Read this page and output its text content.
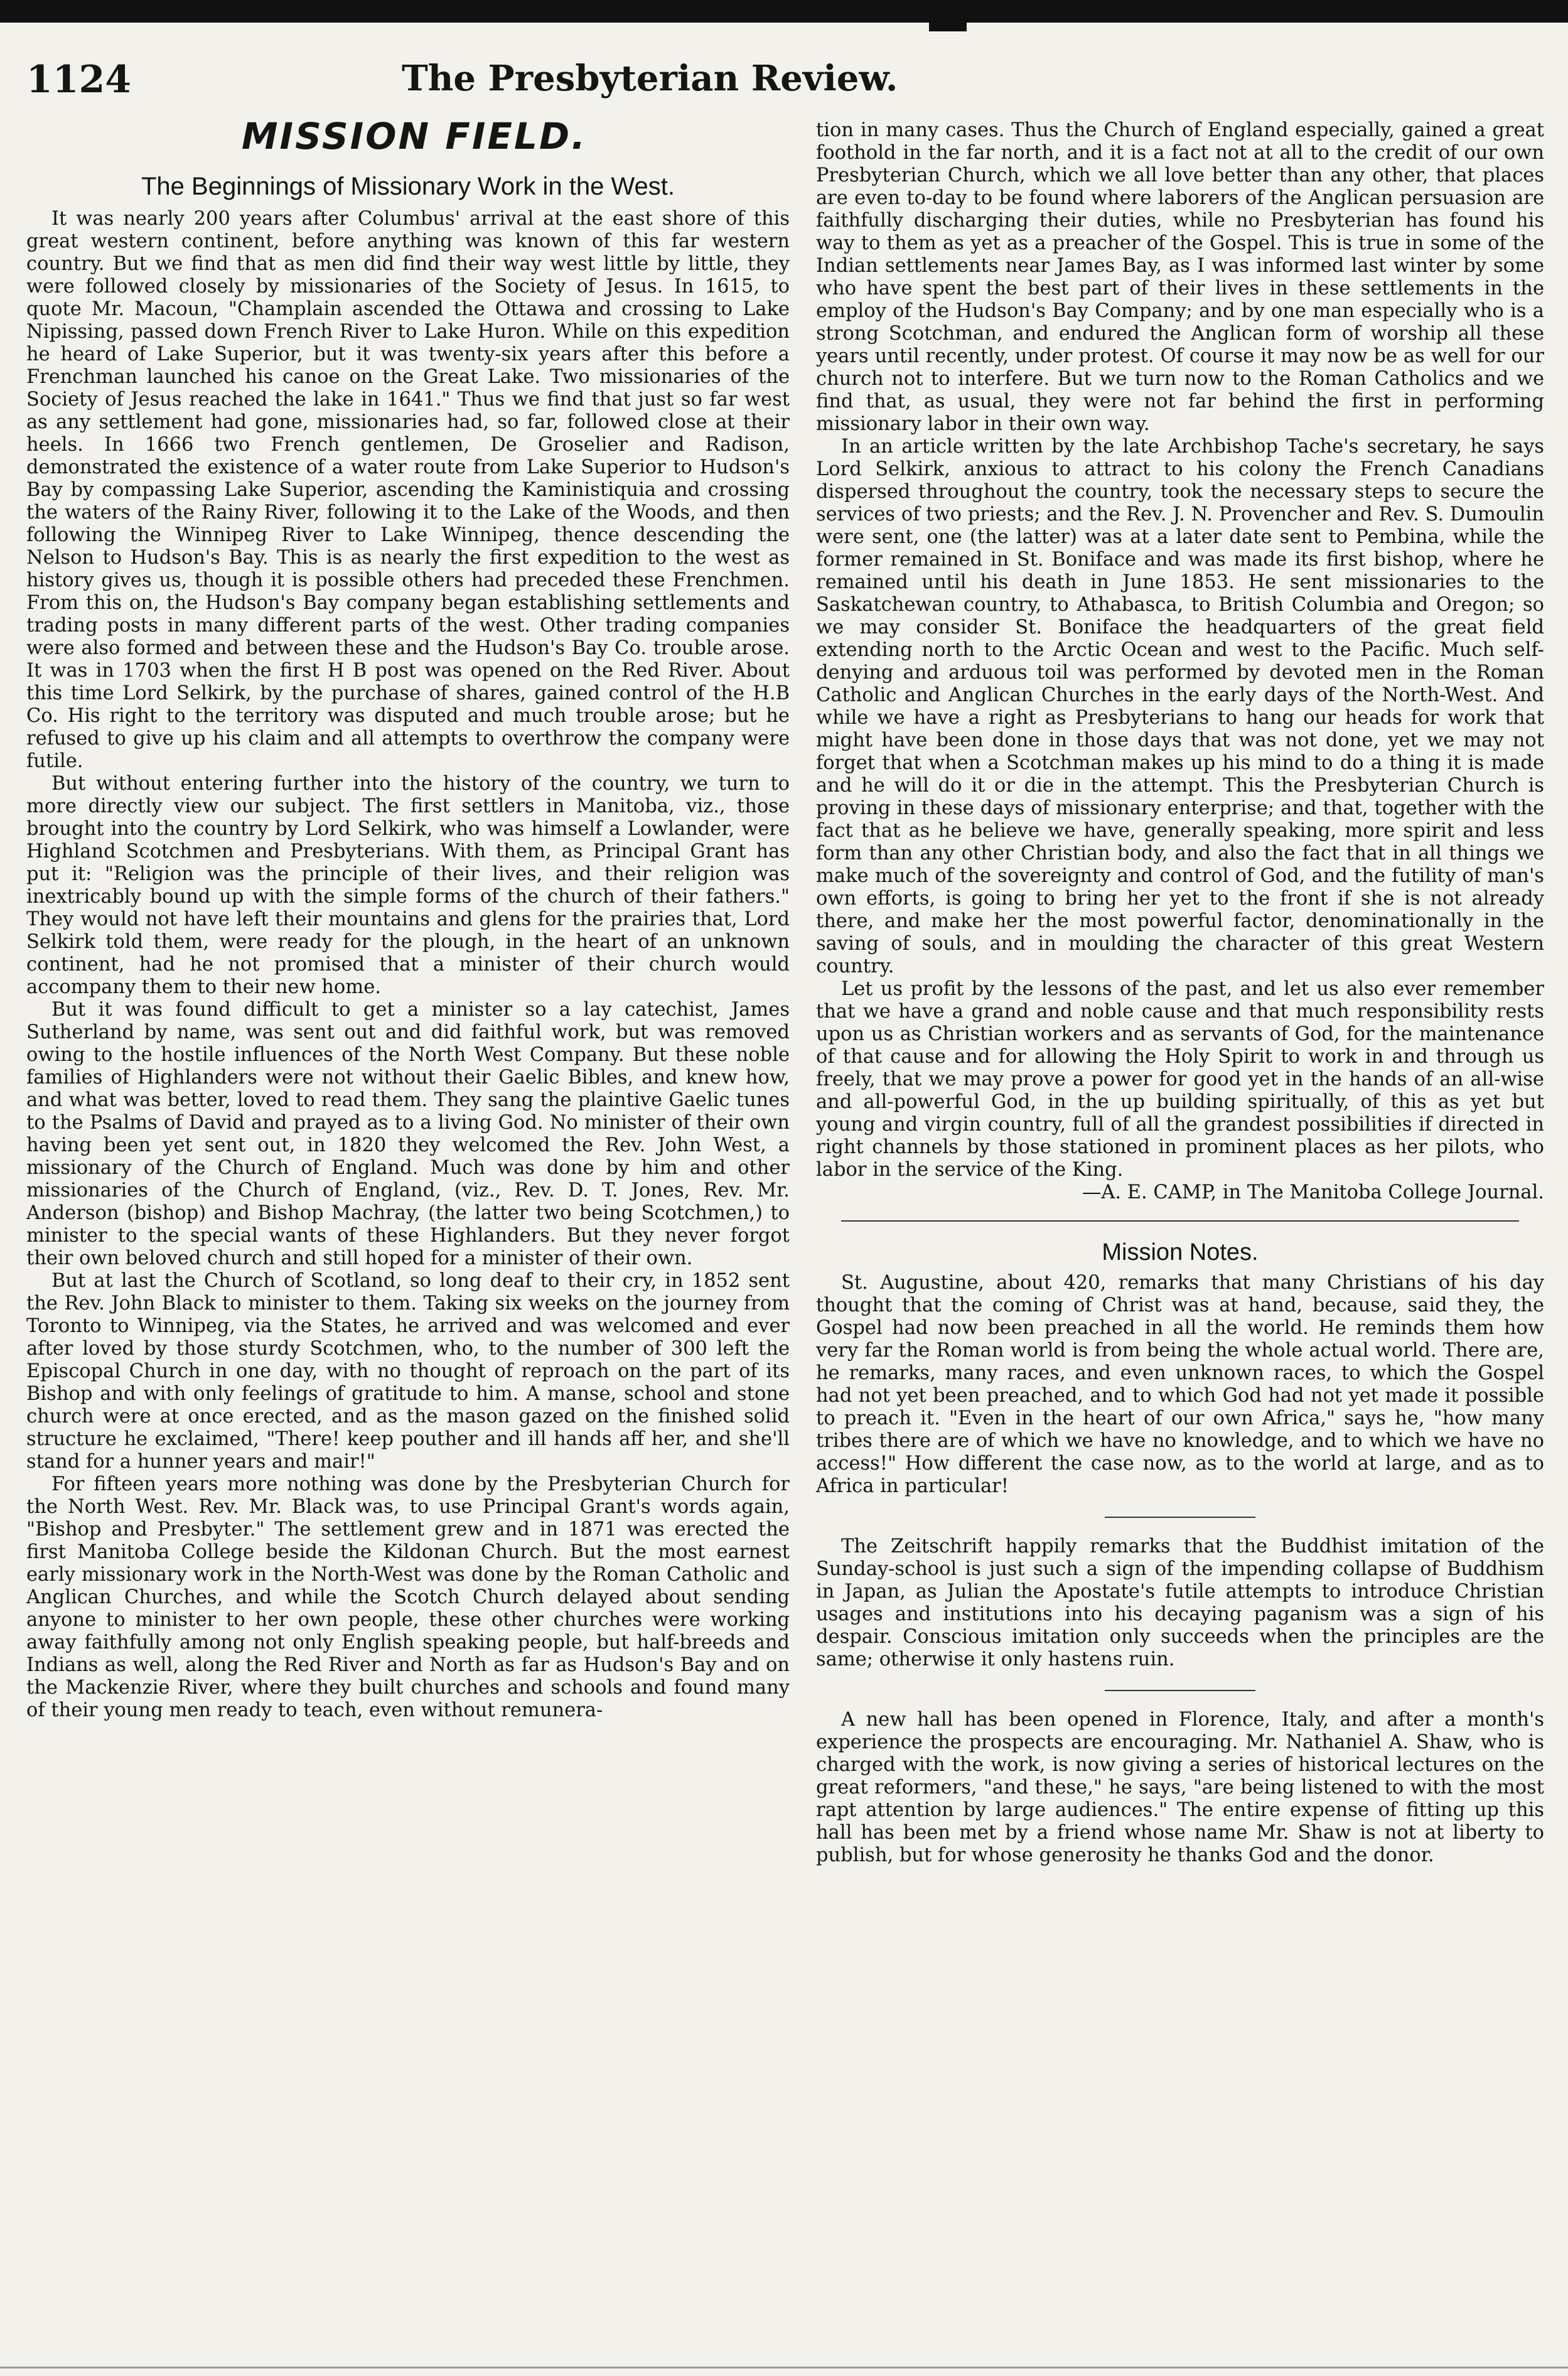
1124	The Presbyterian Review.
MISSION FIELD.
The Beginnings of Missionary Work in the West.

It was nearly 200 years after Columbus' arrival at the east shore of this great western continent, before anything was known of this far western country. But we find that as men did find their way west little by little, they were followed closely by missionaries of the Society of Jesus. In 1615, to quote Mr. Macoun, "Champlain ascended the Ottawa and crossing to Lake Nipissing, passed down French River to Lake Huron. While on this expedition he heard of Lake Superior, but it was twenty-six years after this before a Frenchman launched his canoe on the Great Lake. Two missionaries of the Society of Jesus reached the lake in 1641." Thus we find that just so far west as any settlement had gone, missionaries had, so far, followed close at their heels. In 1666 two French gentlemen, De Groselier and Radison, demonstrated the existence of a water route from Lake Superior to Hudson's Bay by compassing Lake Superior, ascending the Kaministiquia and crossing the waters of the Rainy River, following it to the Lake of the Woods, and then following the Winnipeg River to Lake Winnipeg, thence descending the Nelson to Hudson's Bay. This is as nearly the first expedition to the west as history gives us, though it is possible others had preceded these Frenchmen. From this on, the Hudson's Bay company began establishing settlements and trading posts in many different parts of the west. Other trading companies were also formed and between these and the Hudson's Bay Co. trouble arose. It was in 1703 when the first H B post was opened on the Red River. About this time Lord Selkirk, by the purchase of shares, gained control of the H.B Co. His right to the territory was disputed and much trouble arose; but he refused to give up his claim and all attempts to overthrow the company were futile.

But without entering further into the history of the country, we turn to more directly view our subject. The first settlers in Manitoba, viz., those brought into the country by Lord Selkirk, who was himself a Lowlander, were Highland Scotchmen and Presbyterians. With them, as Principal Grant has put it: "Religion was the principle of their lives, and their religion was inextricably bound up with the simple forms of the church of their fathers." They would not have left their mountains and glens for the prairies that, Lord Selkirk told them, were ready for the plough, in the heart of an unknown continent, had he not promised that a minister of their church would accompany them to their new home.

But it was found difficult to get a minister so a lay catechist, James Sutherland by name, was sent out and did faithful work, but was removed owing to the hostile influences of the North West Company. But these noble families of Highlanders were not without their Gaelic Bibles, and knew how, and what was better, loved to read them. They sang the plaintive Gaelic tunes to the Psalms of David and prayed as to a living God. No minister of their own having been yet sent out, in 1820 they welcomed the Rev. John West, a missionary of the Church of England. Much was done by him and other missionaries of the Church of England, (viz., Rev. D. T. Jones, Rev. Mr. Anderson (bishop) and Bishop Machray, (the latter two being Scotchmen,) to minister to the special wants of these Highlanders. But they never forgot their own beloved church and still hoped for a minister of their own.

But at last the Church of Scotland, so long deaf to their cry, in 1852 sent the Rev. John Black to minister to them. Taking six weeks on the journey from Toronto to Winnipeg, via the States, he arrived and was welcomed and ever after loved by those sturdy Scotchmen, who, to the number of 300 left the Episcopal Church in one day, with no thought of reproach on the part of its Bishop and with only feelings of gratitude to him. A manse, school and stone church were at once erected, and as the mason gazed on the finished solid structure he exclaimed, "There! keep pouther and ill hands aff her, and she'll stand for a hunner years and mair!"

For fifteen years more nothing was done by the Presbyterian Church for the North West. Rev. Mr. Black was, to use Principal Grant's words again, "Bishop and Presbyter." The settlement grew and in 1871 was erected the first Manitoba College beside the Kildonan Church. But the most earnest early missionary work in the North-West was done by the Roman Catholic and Anglican Churches, and while the Scotch Church delayed about sending anyone to minister to her own people, these other churches were working away faithfully among not only English speaking people, but half-breeds and Indians as well, along the Red River and North as far as Hudson's Bay and on the Mackenzie River, where they built churches and schools and found many of their young men ready to teach, even without remunera-

tion in many cases. Thus the Church of England especially, gained a great foothold in the far north, and it is a fact not at all to the credit of our own Presbyterian Church, which we all love better than any other, that places are even to-day to be found where laborers of the Anglican persuasion are faithfully discharging their duties, while no Presbyterian has found his way to them as yet as a preacher of the Gospel. This is true in some of the Indian settlements near James Bay, as I was informed last winter by some who have spent the best part of their lives in these settlements in the employ of the Hudson's Bay Company; and by one man especially who is a strong Scotchman, and endured the Anglican form of worship all these years until recently, under protest. Of course it may now be as well for our church not to interfere. But we turn now to the Roman Catholics and we find that, as usual, they were not far behind the first in performing missionary labor in their own way.

In an article written by the late Archbishop Tache's secretary, he says Lord Selkirk, anxious to attract to his colony the French Canadians dispersed throughout the country, took the necessary steps to secure the services of two priests; and the Rev. J. N. Provencher and Rev. S. Dumoulin were sent, one (the latter) was at a later date sent to Pembina, while the former remained in St. Boniface and was made its first bishop, where he remained until his death in June 1853. He sent missionaries to the Saskatchewan country, to Athabasca, to British Columbia and Oregon; so we may consider St. Boniface the headquarters of the great field extending north to the Arctic Ocean and west to the Pacific. Much self-denying and arduous toil was performed by devoted men in the Roman Catholic and Anglican Churches in the early days of the North-West. And while we have a right as Presbyterians to hang our heads for work that might have been done in those days that was not done, yet we may not forget that when a Scotchman makes up his mind to do a thing it is made and he will do it or die in the attempt. This the Presbyterian Church is proving in these days of missionary enterprise; and that, together with the fact that as he believe we have, generally speaking, more spirit and less form than any other Christian body, and also the fact that in all things we make much of the sovereignty and control of God, and the futility of man's own efforts, is going to bring her yet to the front if she is not already there, and make her the most powerful factor, denominationally in the saving of souls, and in moulding the character of this great Western country.

Let us profit by the lessons of the past, and let us also ever remember that we have a grand and noble cause and that much responsibility rests upon us as Christian workers and as servants of God, for the maintenance of that cause and for allowing the Holy Spirit to work in and through us freely, that we may prove a power for good yet in the hands of an all-wise and all-powerful God, in the up building spiritually, of this as yet but young and virgin country, full of all the grandest possibilities if directed in right channels by those stationed in prominent places as her pilots, who labor in the service of the King.

—A. E. CAMP, in The Manitoba College Journal.

Mission Notes.

St. Augustine, about 420, remarks that many Christians of his day thought that the coming of Christ was at hand, because, said they, the Gospel had now been preached in all the world. He reminds them how very far the Roman world is from being the whole actual world. There are, he remarks, many races, and even unknown races, to which the Gospel had not yet been preached, and to which God had not yet made it possible to preach it. "Even in the heart of our own Africa," says he, "how many tribes there are of which we have no knowledge, and to which we have no access!" How different the case now, as to the world at large, and as to Africa in particular!

The Zeitschrift happily remarks that the Buddhist imitation of the Sunday-school is just such a sign of the impending collapse of Buddhism in Japan, as Julian the Apostate's futile attempts to introduce Christian usages and institutions into his decaying paganism was a sign of his despair. Conscious imitation only succeeds when the principles are the same; otherwise it only hastens ruin.

A new hall has been opened in Florence, Italy, and after a month's experience the prospects are encouraging. Mr. Nathaniel A. Shaw, who is charged with the work, is now giving a series of historical lectures on the great reformers, "and these," he says, "are being listened to with the most rapt attention by large audiences." The entire expense of fitting up this hall has been met by a friend whose name Mr. Shaw is not at liberty to publish, but for whose generosity he thanks God and the donor.
